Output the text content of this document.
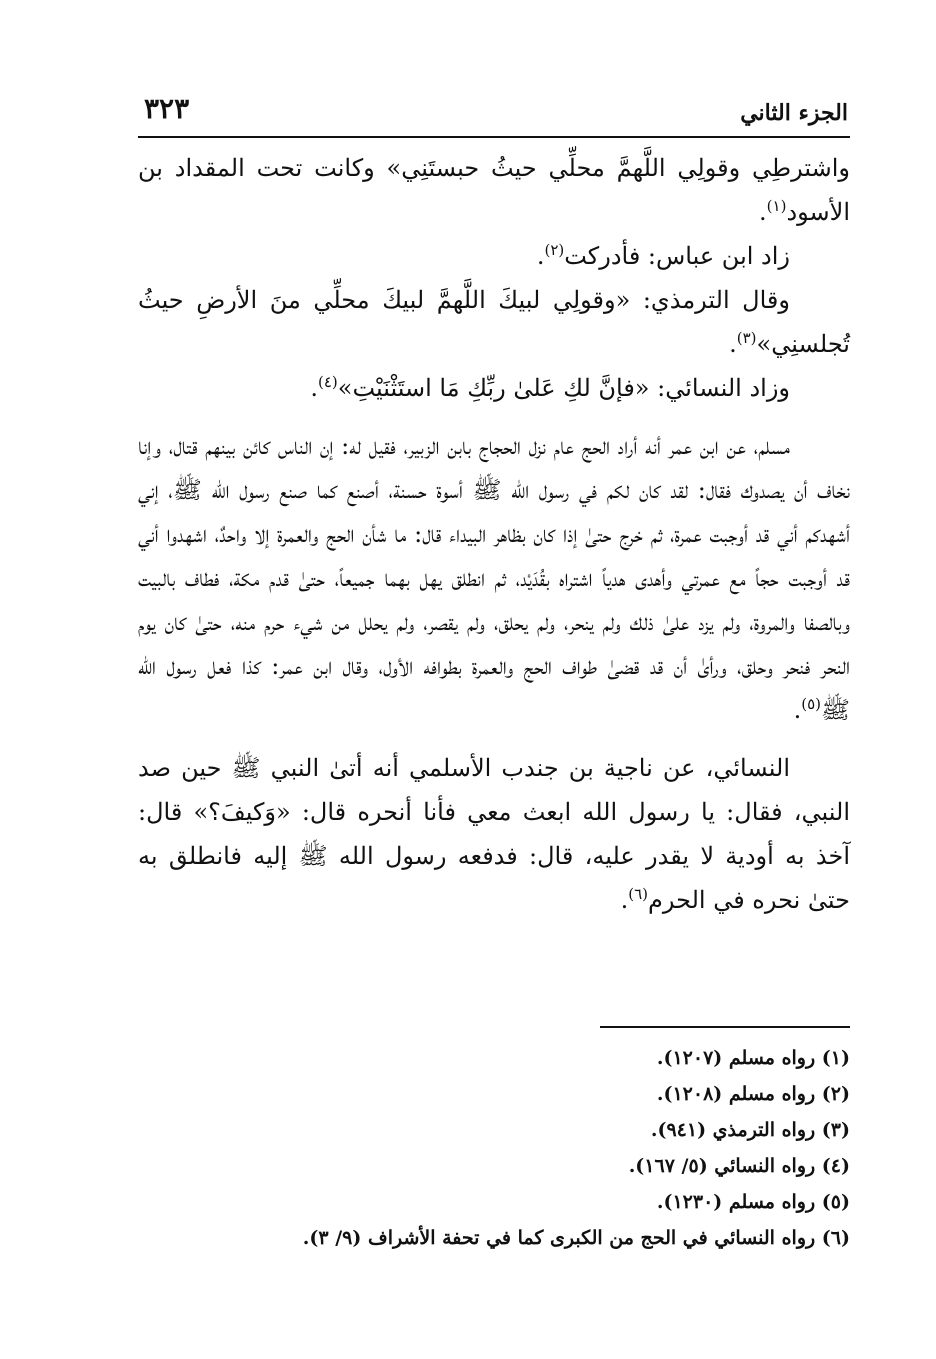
الجزء الثاني
٣٢٣

واشترطِي وقولِي اللَّهمَّ محلِّي حيثُ حبستَنِي» وكانت تحت المقداد بن الأسود$^{(١)}$.

زاد ابن عباس: فأدركت$^{(٢)}$.

وقال الترمذي: «وقولِي لبيكَ اللَّهمَّ لبيكَ محلِّي منَ الأرضِ حيثُ تُجلسنِي»$^{(٣)}$.

وزاد النسائي: «فإنَّ لكِ عَلىٰ ربِّكِ مَا استَثْنَيْتِ»$^{(٤)}$.

مسلم، عن ابن عمر أنه أراد الحج عام نزل الحجاج بابن الزبير، فقيل له: إن الناس كائن بينهم قتال، وإنا نخاف أن يصدوك فقال: لقد كان لكم في رسول الله ﷺ أسوة حسنة، أصنع كما صنع رسول الله ﷺ، إني أشهدكم أني قد أوجبت عمرة، ثم خرج حتىٰ إذا كان بظاهر البيداء قال: ما شأن الحج والعمرة إلا واحدٌ، اشهدوا أني قد أوجبت حجاً مع عمرتي وأهدى هدياً اشتراه بقُدَيْد، ثم انطلق يهل بهما جميعاً، حتىٰ قدم مكة، فطاف بالبيت وبالصفا والمروة، ولم يزد علىٰ ذلك ولم ينحر، ولم يحلق، ولم يقصر، ولم يحلل من شيء حرم منه، حتىٰ كان يوم النحر فنحر وحلق، ورأىٰ أن قد قضىٰ طواف الحج والعمرة بطوافه الأول، وقال ابن عمر: كذا فعل رسول الله ﷺ$^{(٥)}$.

النسائي، عن ناجية بن جندب الأسلمي أنه أتىٰ النبي ﷺ حين صد النبي، فقال: يا رسول الله ابعث معي فأنا أنحره قال: «وَكيفَ؟» قال: آخذ به أودية لا يقدر عليه، قال: فدفعه رسول الله ﷺ إليه فانطلق به حتىٰ نحره في الحرم$^{(٦)}$.

(١) رواه مسلم (١٢٠٧).

(٢) رواه مسلم (١٢٠٨).

(٣) رواه الترمذي (٩٤١).

(٤) رواه النسائي (٥/ ١٦٧).

(٥) رواه مسلم (١٢٣٠).

(٦) رواه النسائي في الحج من الكبرى كما في تحفة الأشراف (٩/ ٣).
